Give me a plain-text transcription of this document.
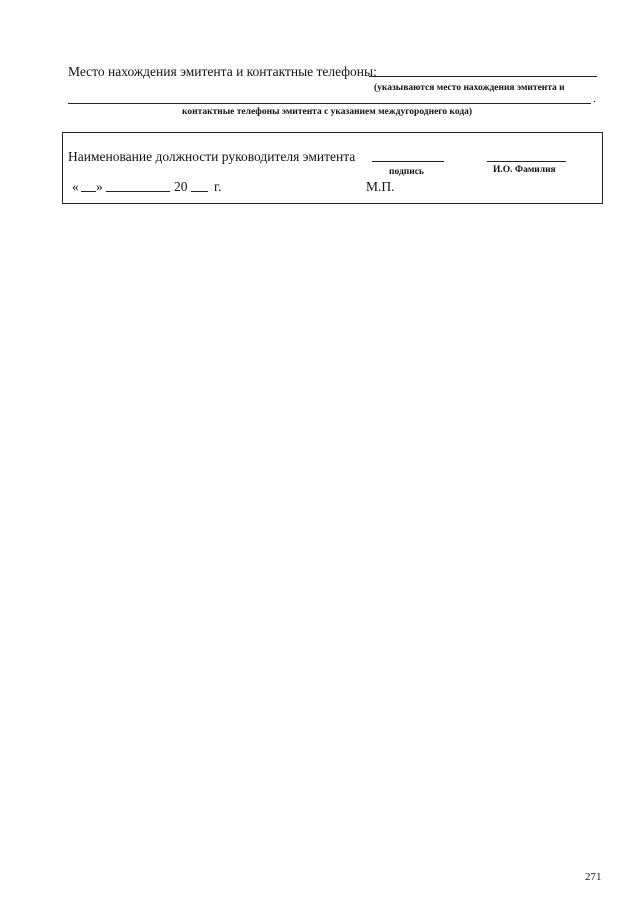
Место нахождения эмитента и контактные телефоны:
(указываются место нахождения эмитента и
.
контактные телефоны эмитента с указанием междугороднего кода)
Наименование должности руководителя эмитента
подпись	И.О. Фамилия
« »	20 г.	М.П.
271
